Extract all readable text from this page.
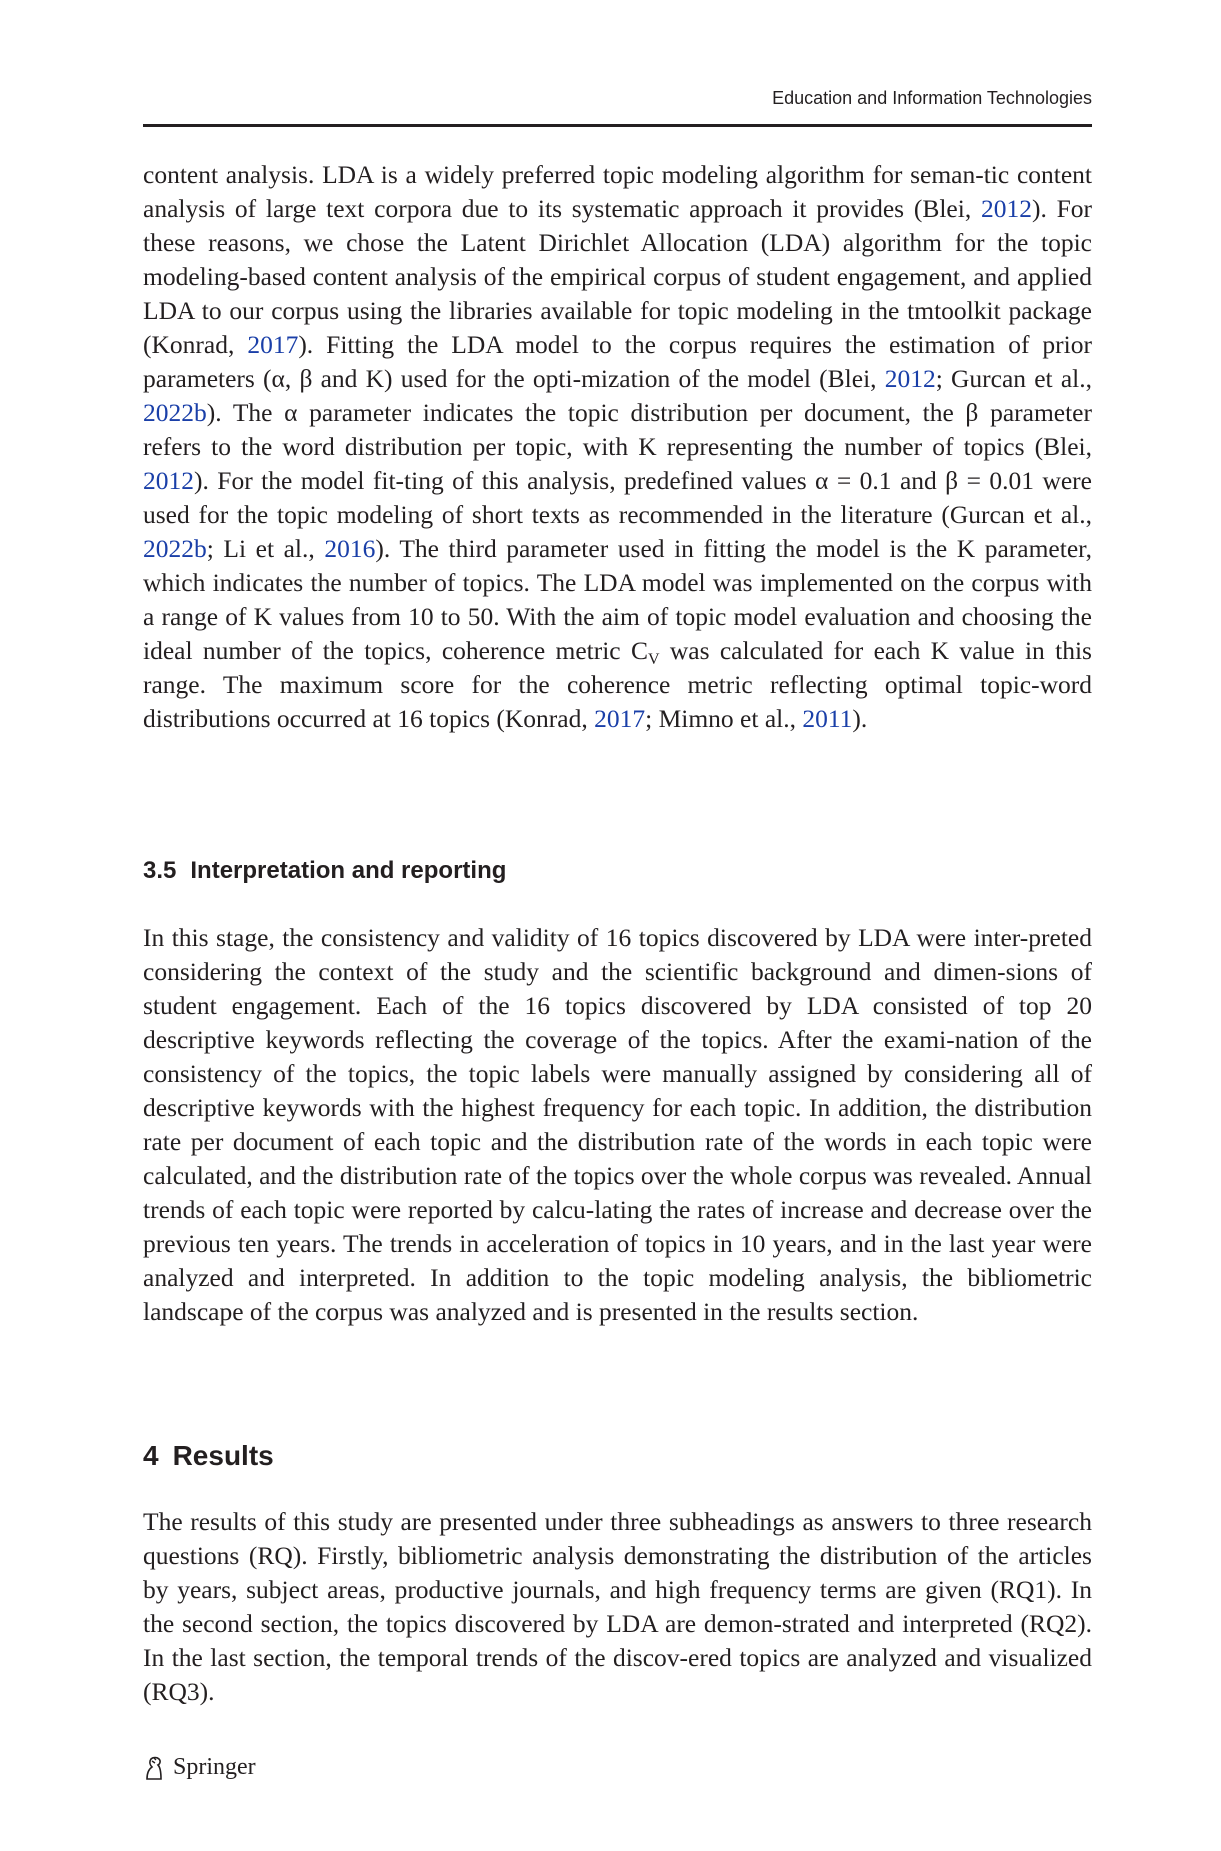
Education and Information Technologies

content analysis. LDA is a widely preferred topic modeling algorithm for seman-tic content analysis of large text corpora due to its systematic approach it provides (Blei, 2012). For these reasons, we chose the Latent Dirichlet Allocation (LDA) algorithm for the topic modeling-based content analysis of the empirical corpus of student engagement, and applied LDA to our corpus using the libraries available for topic modeling in the tmtoolkit package (Konrad, 2017). Fitting the LDA model to the corpus requires the estimation of prior parameters (α, β and K) used for the opti-mization of the model (Blei, 2012; Gurcan et al., 2022b). The α parameter indicates the topic distribution per document, the β parameter refers to the word distribution per topic, with K representing the number of topics (Blei, 2012). For the model fit-ting of this analysis, predefined values α = 0.1 and β = 0.01 were used for the topic modeling of short texts as recommended in the literature (Gurcan et al., 2022b; Li et al., 2016). The third parameter used in fitting the model is the K parameter, which indicates the number of topics. The LDA model was implemented on the corpus with a range of K values from 10 to 50. With the aim of topic model evaluation and choosing the ideal number of the topics, coherence metric $C_V$ was calculated for each K value in this range. The maximum score for the coherence metric reflecting optimal topic-word distributions occurred at 16 topics (Konrad, 2017; Mimno et al., 2011).

3.5 Interpretation and reporting

In this stage, the consistency and validity of 16 topics discovered by LDA were inter-preted considering the context of the study and the scientific background and dimen-sions of student engagement. Each of the 16 topics discovered by LDA consisted of top 20 descriptive keywords reflecting the coverage of the topics. After the exami-nation of the consistency of the topics, the topic labels were manually assigned by considering all of descriptive keywords with the highest frequency for each topic. In addition, the distribution rate per document of each topic and the distribution rate of the words in each topic were calculated, and the distribution rate of the topics over the whole corpus was revealed. Annual trends of each topic were reported by calcu-lating the rates of increase and decrease over the previous ten years. The trends in acceleration of topics in 10 years, and in the last year were analyzed and interpreted. In addition to the topic modeling analysis, the bibliometric landscape of the corpus was analyzed and is presented in the results section.

4 Results

The results of this study are presented under three subheadings as answers to three research questions (RQ). Firstly, bibliometric analysis demonstrating the distribution of the articles by years, subject areas, productive journals, and high frequency terms are given (RQ1). In the second section, the topics discovered by LDA are demon-strated and interpreted (RQ2). In the last section, the temporal trends of the discov-ered topics are analyzed and visualized (RQ3).

Springer
